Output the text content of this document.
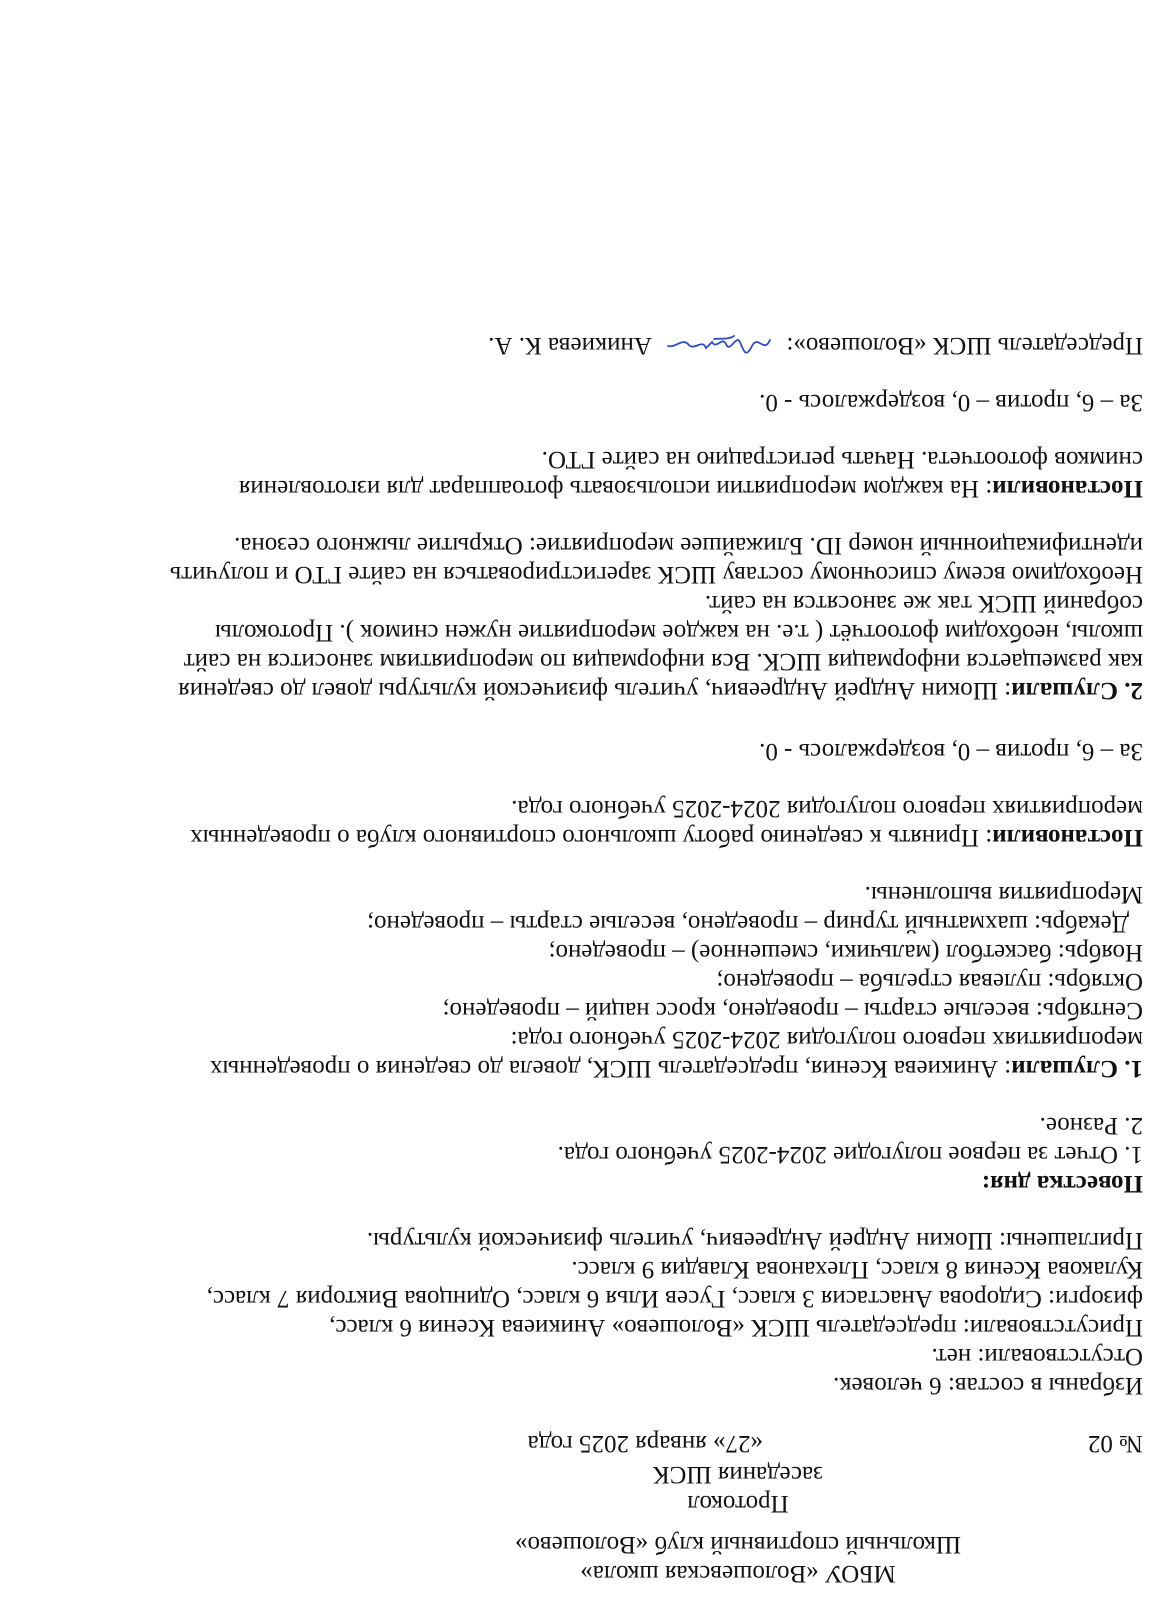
МБОУ «Волошевская школа»
Школьный спортивный клуб «Волошево»
Протокол
заседания ШСК
№ 02
«27» января 2025 года
Избраны в состав: 6 человек.
Отсутствовали: нет.
Присутствовали: председатель ШСК «Волошево» Аникиева Ксения 6 класс,
физорги: Сидорова Анастасия 3 класс, Гусев Илья 6 класс, Одинцова Виктория 7 класс,
Кулакова Ксения 8 класс, Плеханова Клавдия 9 класс.
Приглашены: Шокин Андрей Андреевич, учитель физической культуры.
Повестка дня:
1. Отчет за первое полугодие 2024-2025 учебного года.
2. Разное.
1. Слушали: Аникиева Ксения, председатель ШСК, довела до сведения о проведенных
мероприятиях первого полугодия 2024-2025 учебного года:
Сентябрь: веселые старты – проведено, кросс наций – проведено;
Октябрь: пулевая стрельба – проведено;
Ноябрь: баскетбол (мальчики, смешенное) – проведено;
Декабрь: шахматный турнир – проведено, веселые старты – проведено;
Мероприятия выполнены.
Постановили: Принять к сведению работу школьного спортивного клуба о проведенных
мероприятиях первого полугодия 2024-2025 учебного года.
За – 6, против – 0, воздержалось - 0.
2. Слушали: Шокин Андрей Андреевич, учитель физической культуры довел до сведения
как размещается информация ШСК. Вся информация по мероприятиям заносится на сайт
школы, необходим фотоотчёт ( т.е. на каждое мероприятие нужен снимок ). Протоколы
собраний ШСК так же заносятся на сайт.
Необходимо всему списочному составу ШСК зарегистрироваться на сайте ГТО и получить
идентификационный номер ID. Ближайшее мероприятие: Открытие лыжного сезона.
Постановили: На каждом мероприятии использовать фотоаппарат для изготовления
снимков фотоотчета. Начать регистрацию на сайте ГТО.
За – 6, против – 0, воздержалось - 0.
Председатель ШСК «Волошево»:  Аникиева К. А.
